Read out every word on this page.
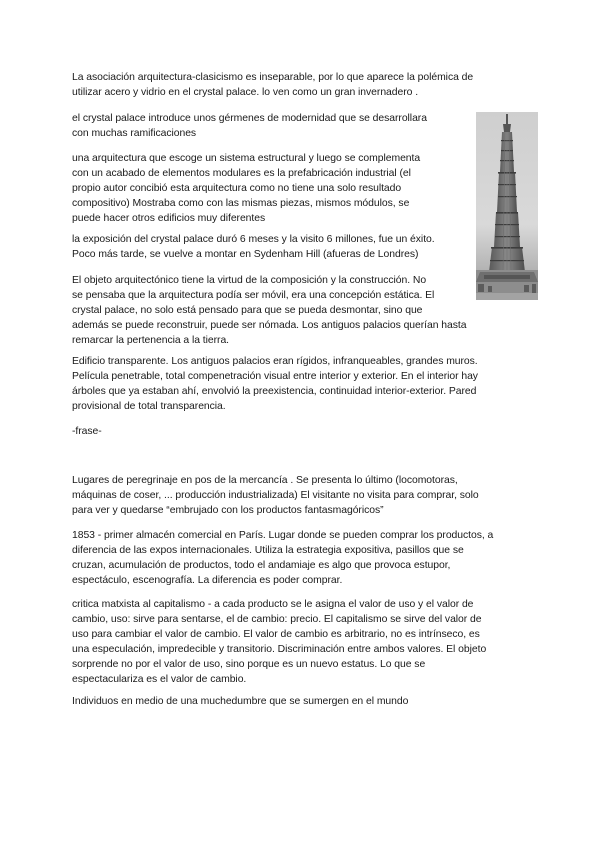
La asociación arquitectura-clasicismo es inseparable, por lo que aparece la polémica de
utilizar acero y vidrio en el crystal palace. lo ven como un gran invernadero .

el crystal palace introduce unos gérmenes de modernidad que se desarrollara
con muchas ramificaciones

una arquitectura que escoge un sistema estructural y luego se complementa
con un acabado de elementos modulares es la prefabricación industrial (el
propio autor concibió esta arquitectura como no tiene una solo resultado
compositivo) Mostraba como con las mismas piezas, mismos módulos, se
puede hacer otros edificios muy diferentes

la exposición del crystal palace duró 6 meses y la visito 6 millones, fue un éxito.
Poco más tarde, se vuelve a montar en Sydenham Hill (afueras de Londres)

El objeto arquitectónico tiene la virtud de la composición y la construcción. No
se pensaba que la arquitectura podía ser móvil, era una concepción estática. El
crystal palace, no solo está pensado para que se pueda desmontar, sino que
además se puede reconstruir, puede ser nómada. Los antiguos palacios querían hasta
remarcar la pertenencia a la tierra.

Edificio transparente. Los antiguos palacios eran rígidos, infranqueables, grandes muros.
Película penetrable, total compenetración visual entre interior y exterior. En el interior hay
árboles que ya estaban ahí, envolvió la preexistencia, continuidad interior-exterior. Pared
provisional de total transparencia.

-frase-

Lugares de peregrinaje en pos de la mercancía . Se presenta lo último (locomotoras,
máquinas de coser, ... producción industrializada) El visitante no visita para comprar, solo
para ver y quedarse “embrujado con los productos fantasmagóricos”

1853 - primer almacén comercial en París. Lugar donde se pueden comprar los productos, a
diferencia de las expos internacionales. Utiliza la estrategia expositiva, pasillos que se
cruzan, acumulación de productos, todo el andamiaje es algo que provoca estupor,
espectáculo, escenografía. La diferencia es poder comprar.

critica matxista al capitalismo - a cada producto se le asigna el valor de uso y el valor de
cambio, uso: sirve para sentarse, el de cambio: precio. El capitalismo se sirve del valor de
uso para cambiar el valor de cambio. El valor de cambio es arbitrario, no es intrínseco, es
una especulación, impredecible y transitorio. Discriminación entre ambos valores. El objeto
sorprende no por el valor de uso, sino porque es un nuevo estatus. Lo que se
espectaculariza es el valor de cambio.

Individuos en medio de una muchedumbre que se sumergen en el mundo
